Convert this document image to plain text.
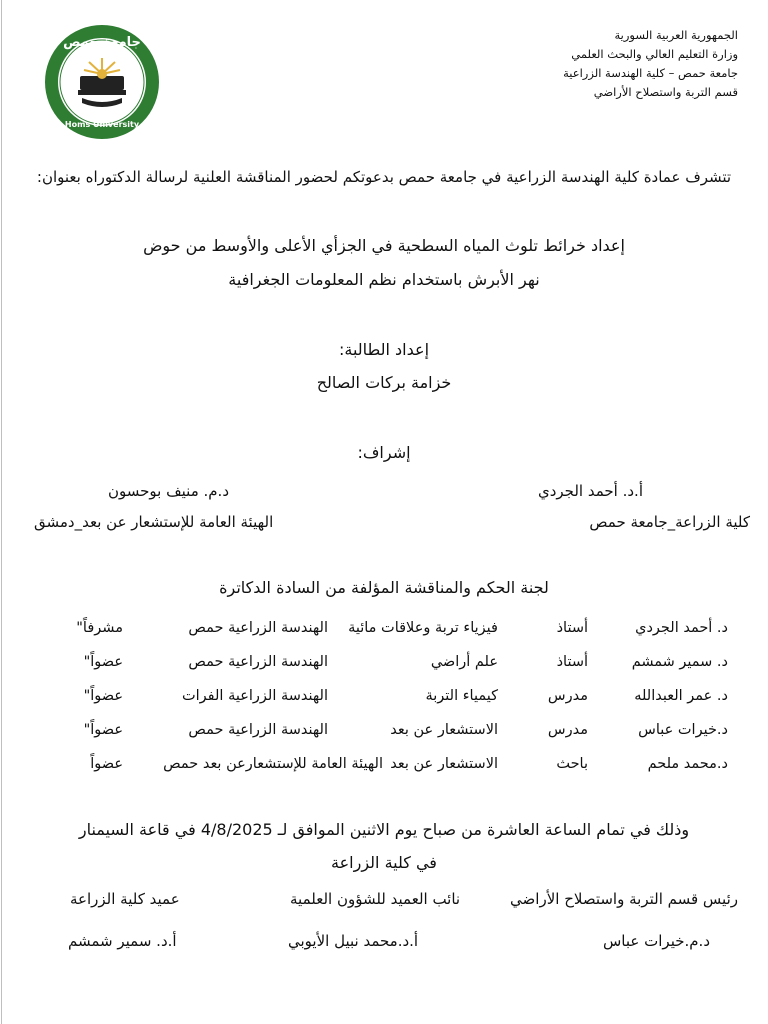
جامعة حمص
Homs University
الجمهورية العربية السورية
وزارة التعليم العالي والبحث العلمي
جامعة حمص – كلية الهندسة الزراعية
قسم التربة واستصلاح الأراضي
تتشرف عمادة كلية الهندسة الزراعية في جامعة حمص بدعوتكم لحضور المناقشة العلنية لرسالة الدكتوراه بعنوان:
إعداد خرائط تلوث المياه السطحية في الجزأي الأعلى والأوسط من حوض
نهر الأبرش باستخدام نظم المعلومات الجغرافية
إعداد الطالبة:
خزامة بركات الصالح
إشراف:
أ.د. أحمد الجردي
د.م. منيف بوحسون
كلية الزراعة_جامعة حمص
الهيئة العامة للإستشعار عن بعد_دمشق
لجنة الحكم والمناقشة المؤلفة من السادة الدكاترة
د. أحمد الجردي
أستاذ
فيزياء تربة وعلاقات مائية
الهندسة الزراعية حمص
مشرفاً"
د. سمير شمشم
أستاذ
علم أراضي
الهندسة الزراعية حمص
عضواً"
د. عمر العبدالله
مدرس
كيمياء التربة
الهندسة الزراعية الفرات
عضواً"
د.خيرات عباس
مدرس
الاستشعار عن بعد
الهندسة الزراعية حمص
عضواً"
د.محمد ملحم
باحث
الاستشعار عن بعد
الهيئة العامة للإستشعارعن بعد حمص
عضواً
وذلك في تمام الساعة العاشرة من صباح يوم الاثنين الموافق لـ 4/8/2025 في قاعة السيمنار
في كلية الزراعة
رئيس قسم التربة واستصلاح الأراضي
نائب العميد للشؤون العلمية
عميد كلية الزراعة
د.م.خيرات عباس
أ.د.محمد نبيل الأيوبي
أ.د. سمير شمشم
